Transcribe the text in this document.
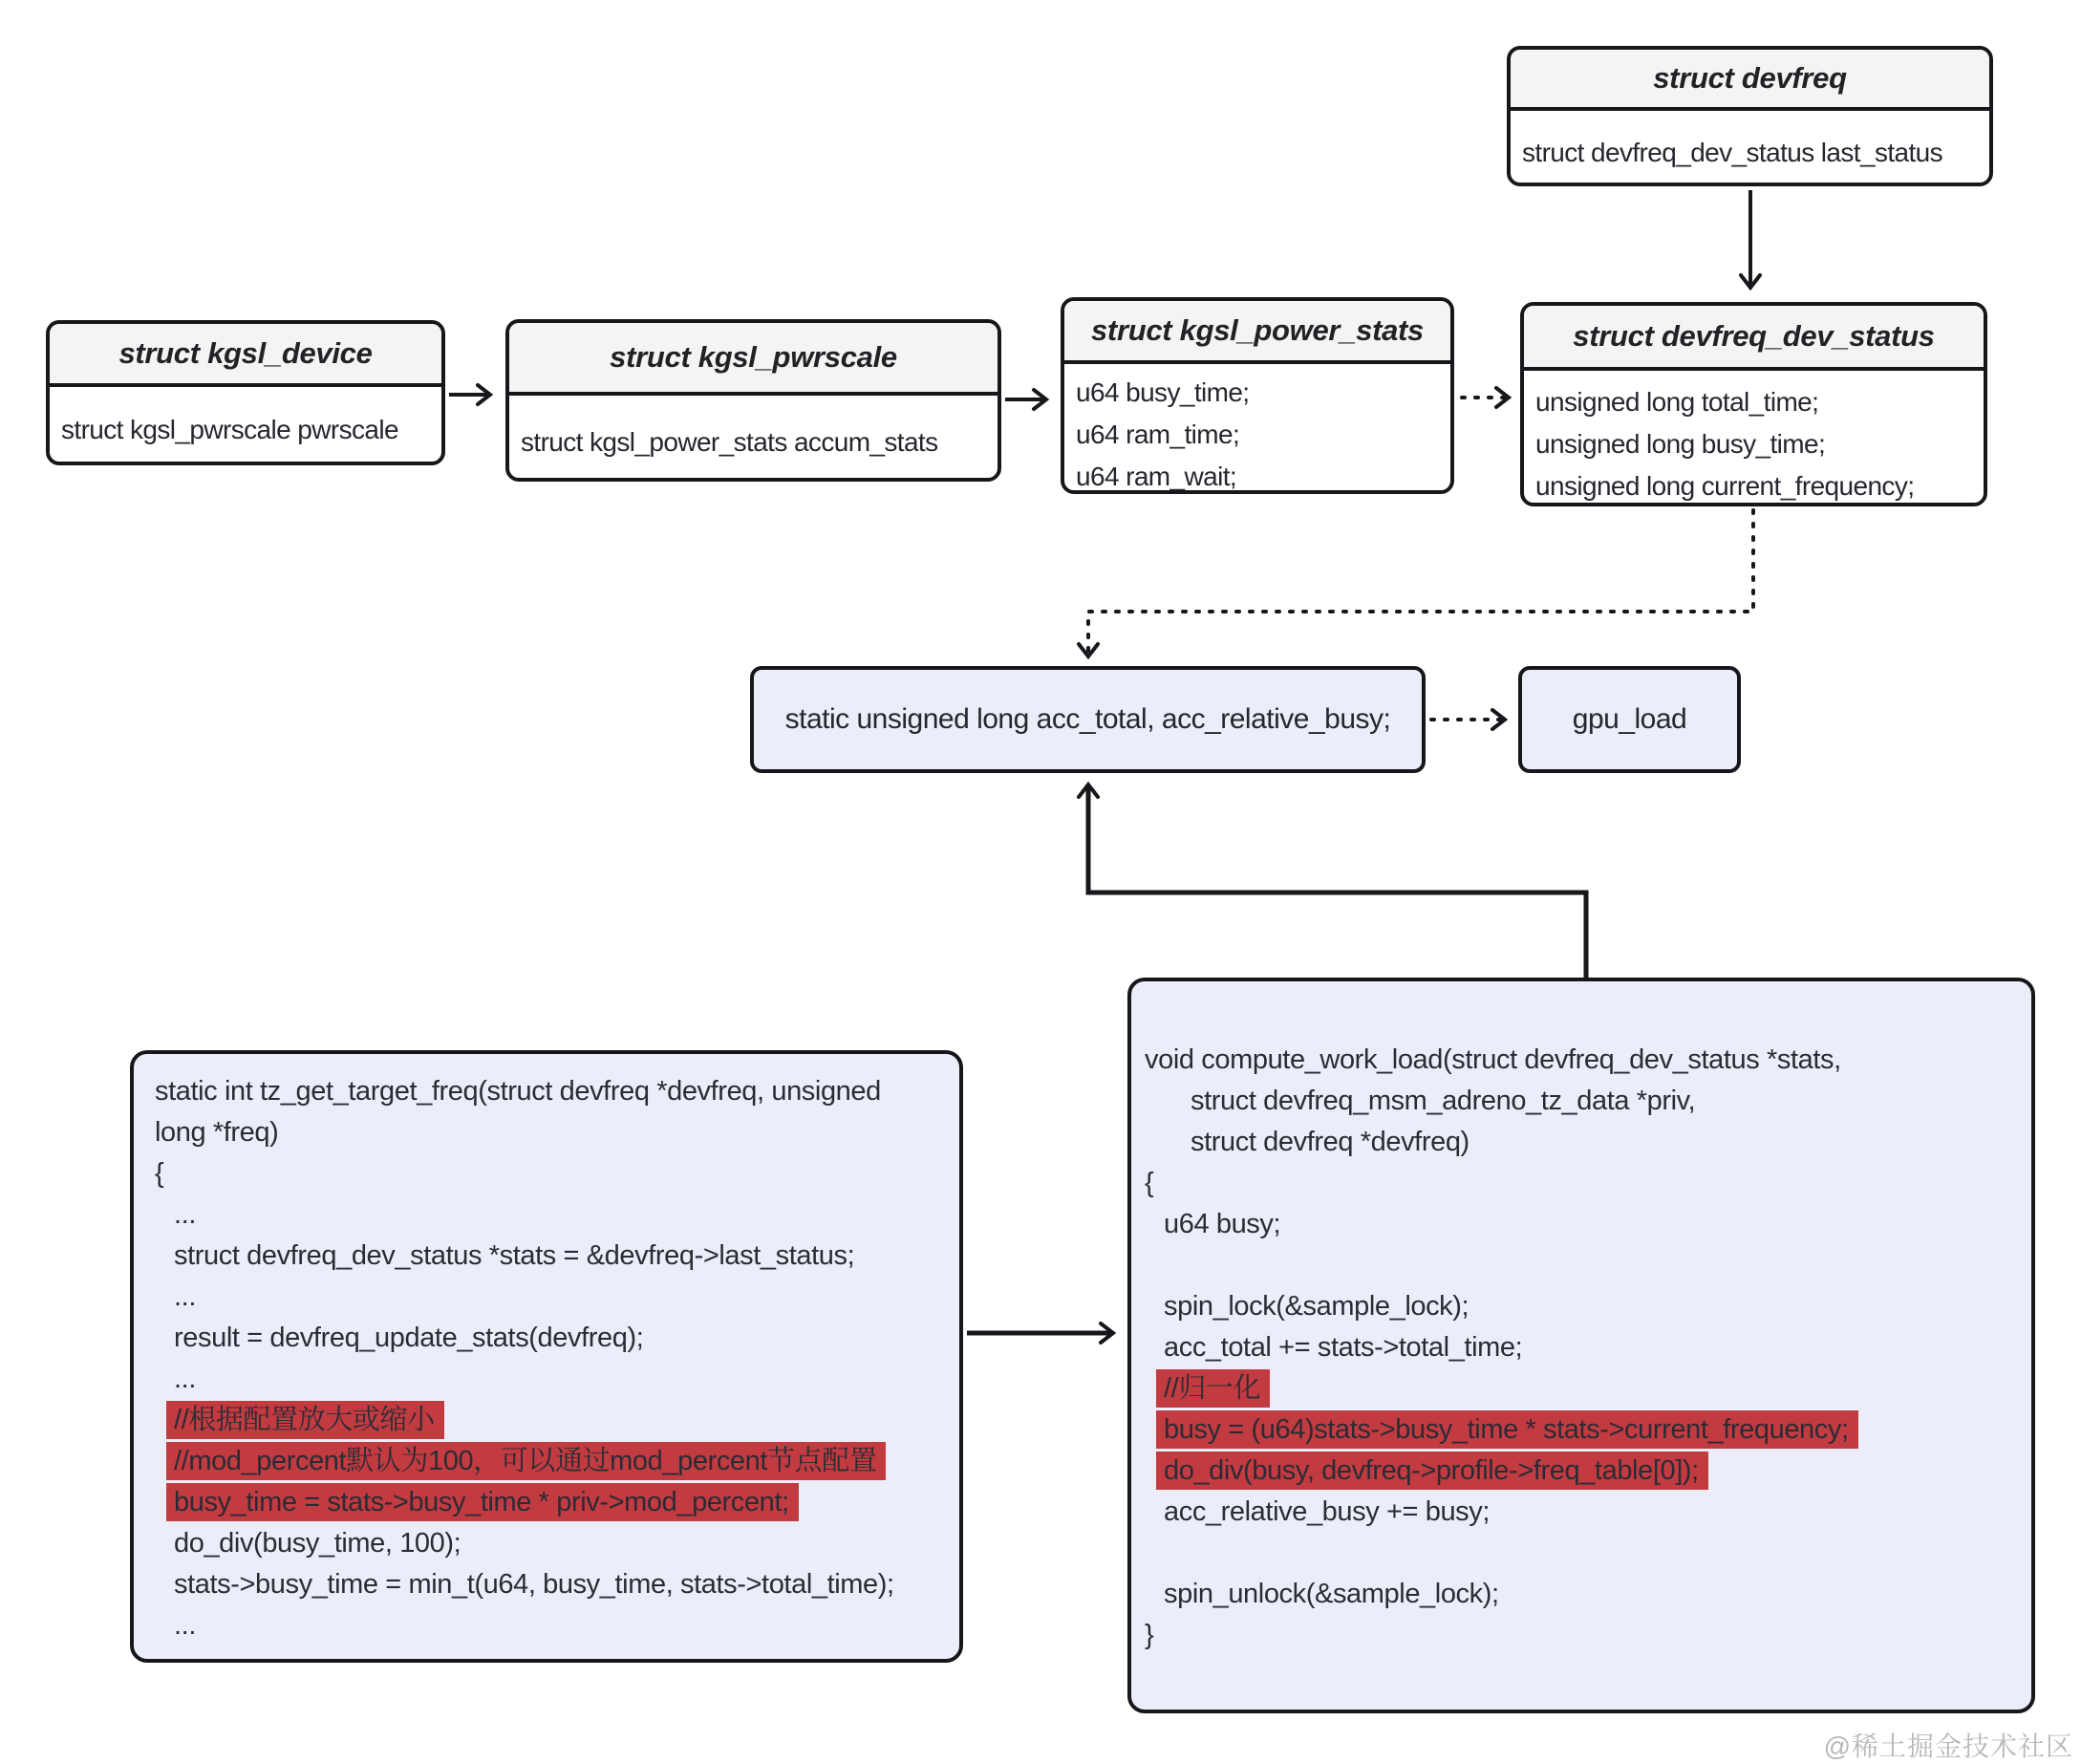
struct devfreq
struct devfreq_dev_status last_status
struct kgsl_device
struct kgsl_pwrscale pwrscale
struct kgsl_pwrscale
struct kgsl_power_stats accum_stats
struct kgsl_power_stats
u64 busy_time;
u64 ram_time;
u64 ram_wait;
struct devfreq_dev_status
unsigned long total_time;
unsigned long busy_time;
unsigned long current_frequency;
static unsigned long acc_total, acc_relative_busy;	gpu_load
static int tz_get_target_freq(struct devfreq *devfreq, unsigned
long *freq)
{
...
struct devfreq_dev_status *stats = &devfreq->last_status;
...
result = devfreq_update_stats(devfreq);
...
//根据配置放大或缩小
//mod_percent默认为100，可以通过mod_percent节点配置
busy_time = stats->busy_time * priv->mod_percent;
do_div(busy_time, 100);
stats->busy_time = min_t(u64, busy_time, stats->total_time);
...
void compute_work_load(struct devfreq_dev_status *stats,
struct devfreq_msm_adreno_tz_data *priv,
struct devfreq *devfreq)
{
u64 busy;
spin_lock(&sample_lock);
acc_total += stats->total_time;
//归一化
busy = (u64)stats->busy_time * stats->current_frequency;
do_div(busy, devfreq->profile->freq_table[0]);
acc_relative_busy += busy;
spin_unlock(&sample_lock);
}
@稀土掘金技术社区
